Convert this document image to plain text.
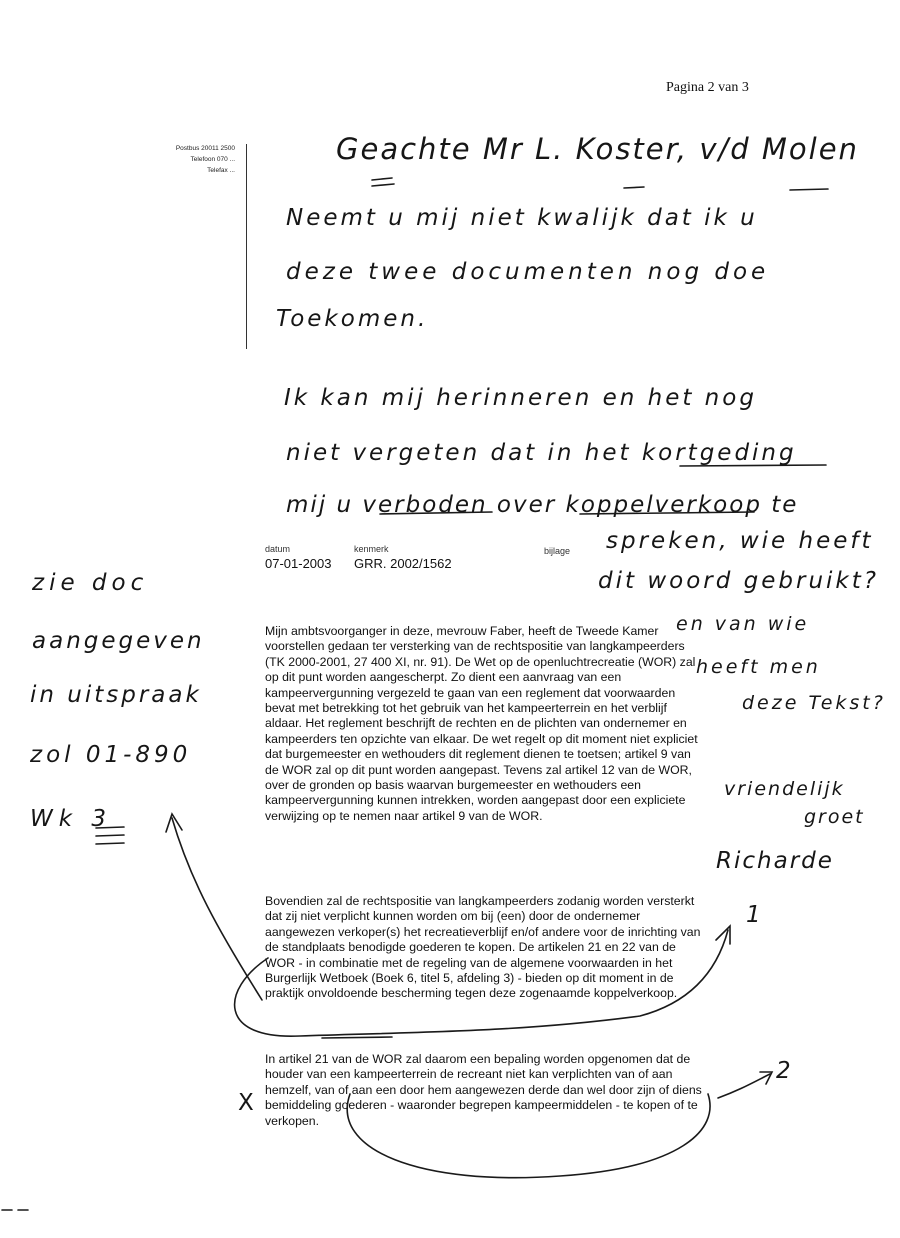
Pagina 2 van 3
Postbus 20011 2500
Telefoon 070 ...
Telefax ...
Geachte Mr L. Koster, v/d Molen
Neemt u mij niet kwalijk dat ik u
deze twee documenten nog doe
Toekomen.
Ik kan mij herinneren en het nog
niet vergeten dat in het kortgeding
mij u verboden over koppelverkoop te
spreken, wie heeft
dit woord gebruikt?
en van wie
heeft men
deze Tekst?
zie doc
aangegeven
in uitspraak
zol 01-890
Wk 3
vriendelijk
groet
Richarde
1
2
X
datum
07-01-2003
kenmerk
GRR. 2002/1562
bijlage

Mijn ambtsvoorganger in deze, mevrouw Faber, heeft de Tweede Kamer voorstellen gedaan ter versterking van de rechtspositie van langkampeerders (TK 2000-2001, 27 400 XI, nr. 91). De Wet op de openluchtrecreatie (WOR) zal op dit punt worden aangescherpt. Zo dient een aanvraag van een kampeervergunning vergezeld te gaan van een reglement dat voorwaarden bevat met betrekking tot het gebruik van het kampeerterrein en het verblijf aldaar. Het reglement beschrijft de rechten en de plichten van ondernemer en kampeerders ten opzichte van elkaar. De wet regelt op dit moment niet expliciet dat burgemeester en wethouders dit reglement dienen te toetsen; artikel 9 van de WOR zal op dit punt worden aangepast. Tevens zal artikel 12 van de WOR, over de gronden op basis waarvan burgemeester en wethouders een kampeervergunning kunnen intrekken, worden aangepast door een expliciete verwijzing op te nemen naar artikel 9 van de WOR.

Bovendien zal de rechtspositie van langkampeerders zodanig worden versterkt dat zij niet verplicht kunnen worden om bij (een) door de ondernemer aangewezen verkoper(s) het recreatieverblijf en/of andere voor de inrichting van de standplaats benodigde goederen te kopen. De artikelen 21 en 22 van de WOR - in combinatie met de regeling van de algemene voorwaarden in het Burgerlijk Wetboek (Boek 6, titel 5, afdeling 3) - bieden op dit moment in de praktijk onvoldoende bescherming tegen deze zogenaamde koppelverkoop.

In artikel 21 van de WOR zal daarom een bepaling worden opgenomen dat de houder van een kampeerterrein de recreant niet kan verplichten van of aan hemzelf, van of aan een door hem aangewezen derde dan wel door zijn of diens bemiddeling goederen - waaronder begrepen kampeermiddelen - te kopen of te verkopen.
